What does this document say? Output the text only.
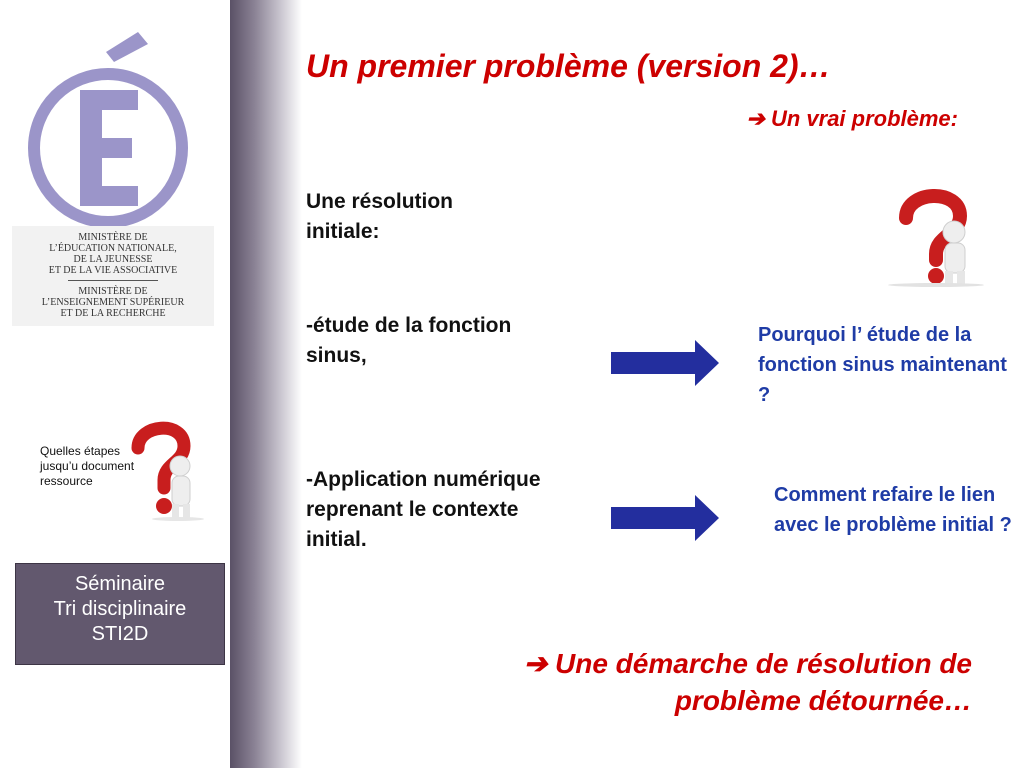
MINISTÈRE DE
L’ÉDUCATION NATIONALE,
DE LA JEUNESSE
ET DE LA VIE ASSOCIATIVE
MINISTÈRE DE
L’ENSEIGNEMENT SUPÉRIEUR
ET DE LA RECHERCHE
Quelles étapes jusqu’u document ressource
Séminaire
Tri disciplinaire
STI2D
Un premier problème (version 2)…
➔ Un vrai problème:
Une résolution initiale:
-étude de la fonction sinus,
-Application numérique reprenant le contexte initial.
Pourquoi l’ étude de la fonction sinus maintenant ?
Comment refaire le lien avec le problème initial ?
➔ Une démarche de résolution de
problème détournée…
